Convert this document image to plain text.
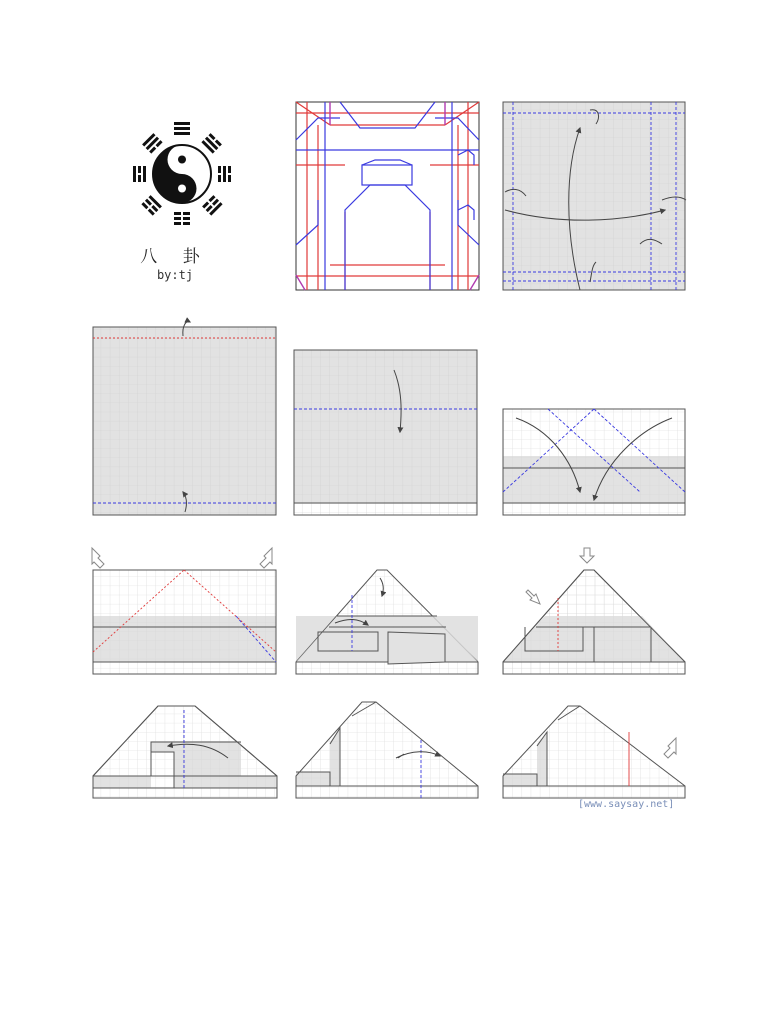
八 卦
by:tj
[www.saysay.net]
